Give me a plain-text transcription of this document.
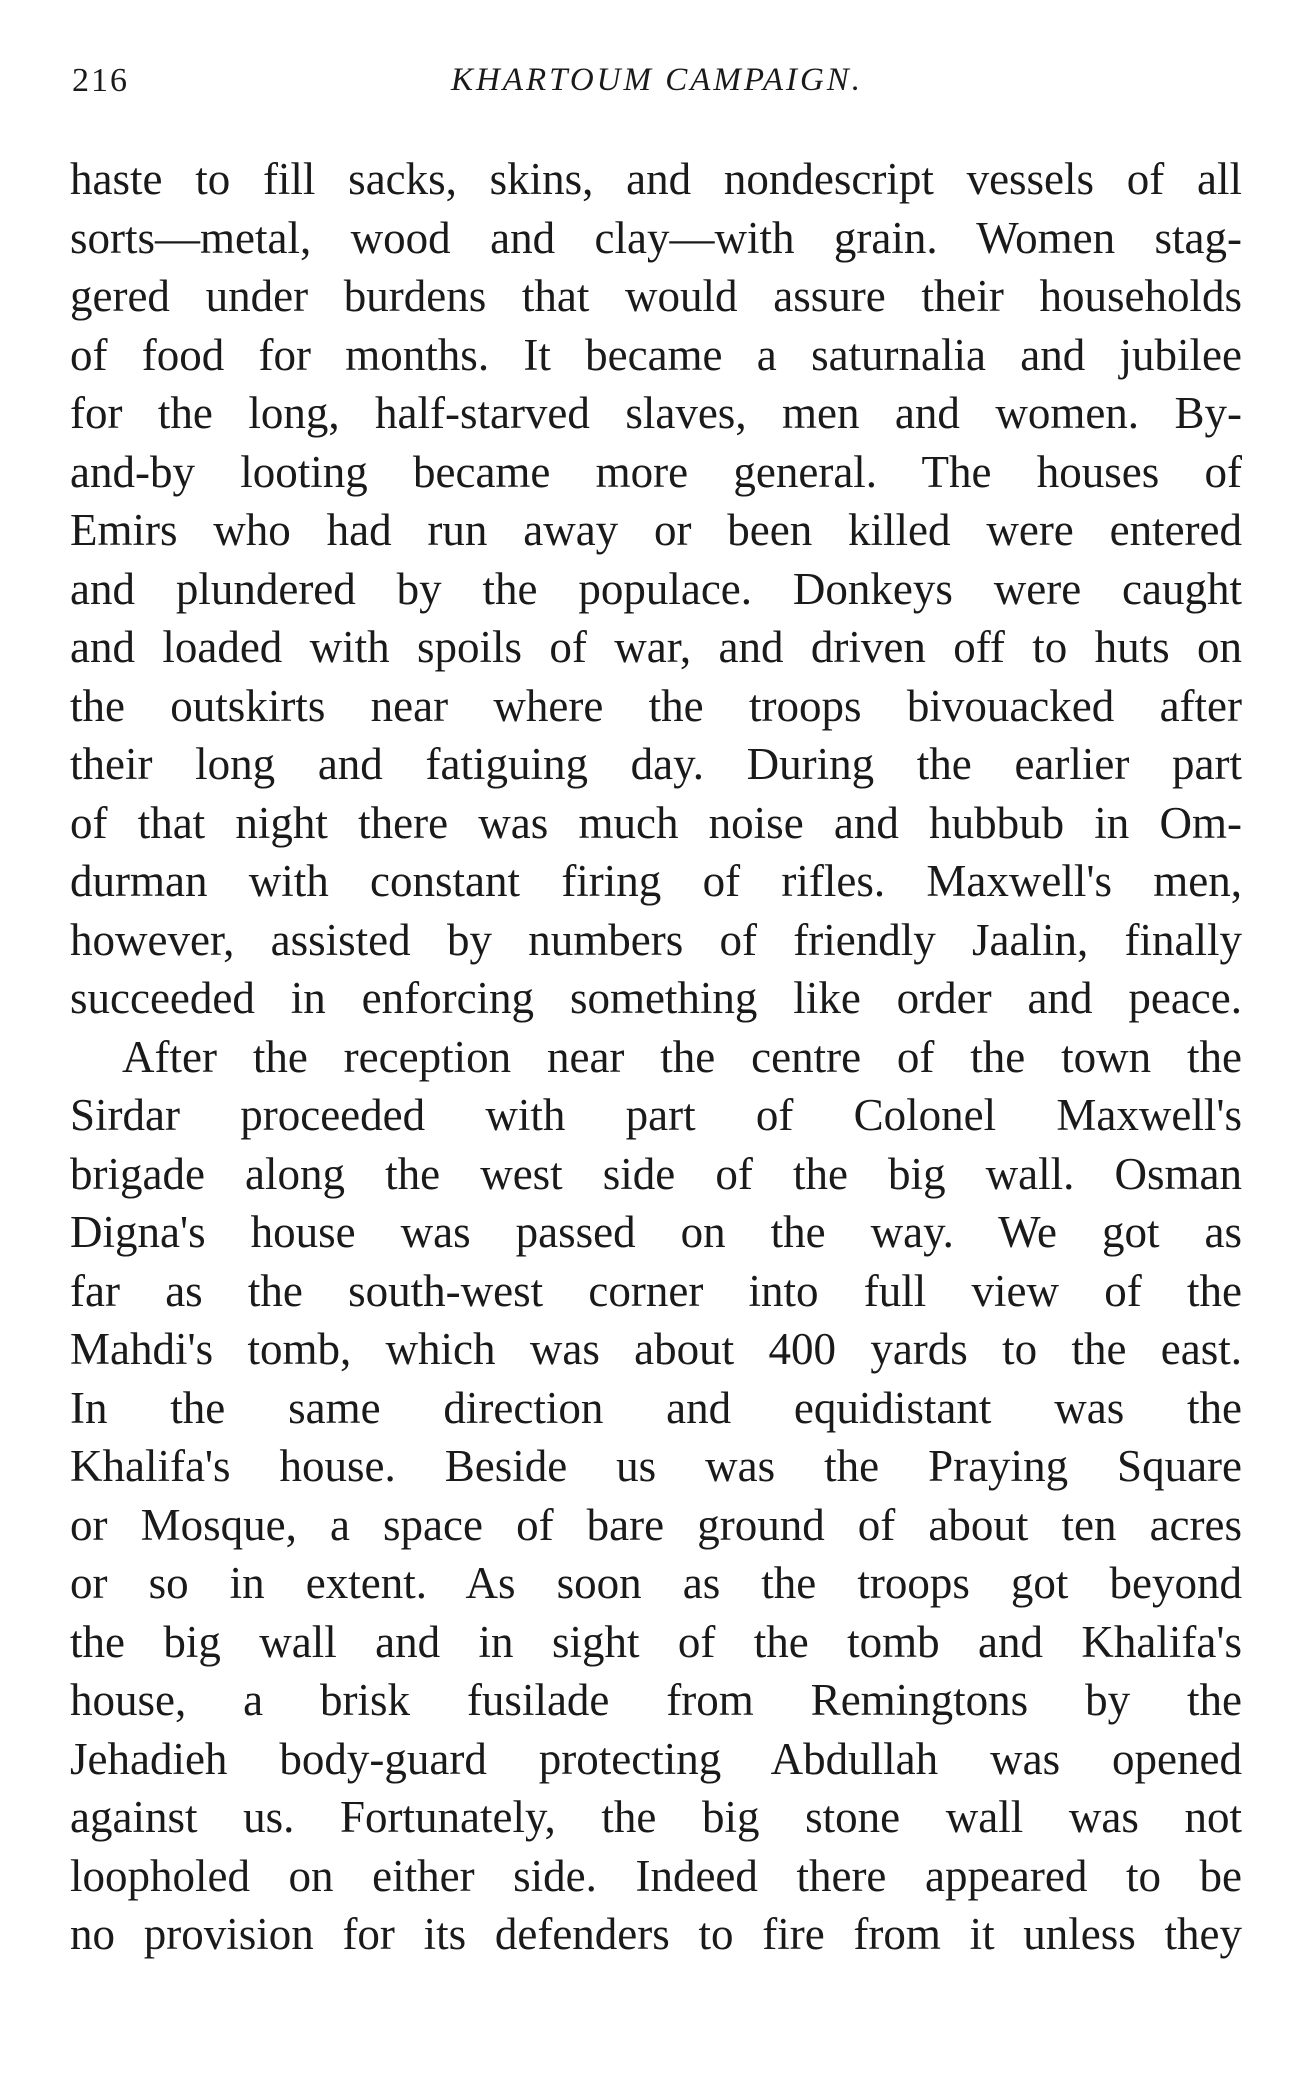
216	KHARTOUM CAMPAIGN.
haste to fill sacks, skins, and nondescript vessels of all
sorts—metal, wood and clay—with grain. Women stag-
gered under burdens that would assure their households
of food for months. It became a saturnalia and jubilee
for the long, half-starved slaves, men and women. By-
and-by looting became more general. The houses of
Emirs who had run away or been killed were entered
and plundered by the populace. Donkeys were caught
and loaded with spoils of war, and driven off to huts on
the outskirts near where the troops bivouacked after
their long and fatiguing day. During the earlier part
of that night there was much noise and hubbub in Om-
durman with constant firing of rifles. Maxwell's men,
however, assisted by numbers of friendly Jaalin, finally
succeeded in enforcing something like order and peace.
After the reception near the centre of the town the
Sirdar proceeded with part of Colonel Maxwell's
brigade along the west side of the big wall. Osman
Digna's house was passed on the way. We got as
far as the south-west corner into full view of the
Mahdi's tomb, which was about 400 yards to the east.
In the same direction and equidistant was the
Khalifa's house. Beside us was the Praying Square
or Mosque, a space of bare ground of about ten acres
or so in extent. As soon as the troops got beyond
the big wall and in sight of the tomb and Khalifa's
house, a brisk fusilade from Remingtons by the
Jehadieh body-guard protecting Abdullah was opened
against us. Fortunately, the big stone wall was not
loopholed on either side. Indeed there appeared to be
no provision for its defenders to fire from it unless they
